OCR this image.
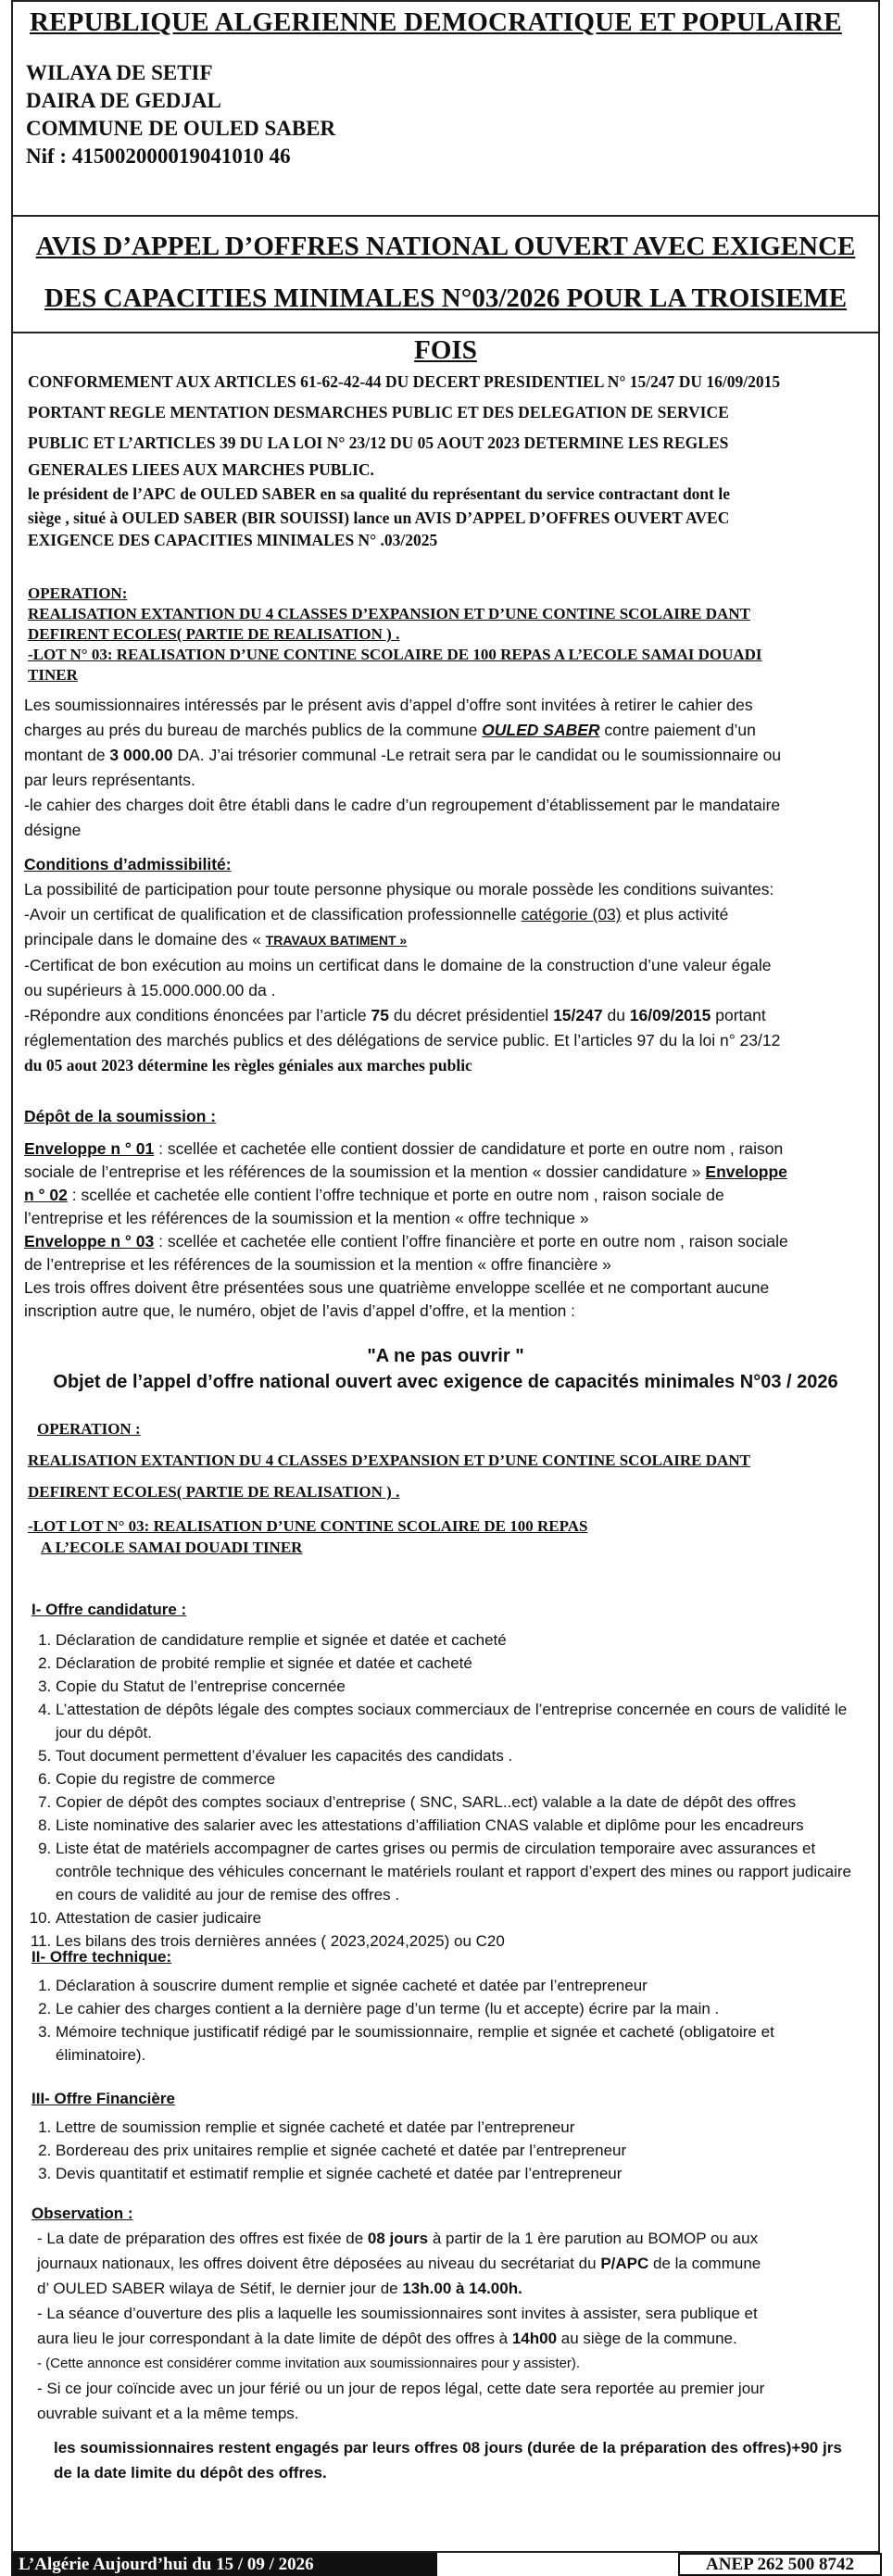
REPUBLIQUE ALGERIENNE DEMOCRATIQUE ET POPULAIRE
WILAYA DE SETIF
DAIRA DE GEDJAL
COMMUNE DE OULED SABER
Nif : 415002000019041010 46
AVIS D’APPEL D’OFFRES NATIONAL OUVERT AVEC EXIGENCE
DES CAPACITIES MINIMALES N°03/2026 POUR LA TROISIEME FOIS
CONFORMEMENT AUX ARTICLES 61-62-42-44 DU DECERT PRESIDENTIEL N° 15/247 DU 16/09/2015
PORTANT REGLE MENTATION DESMARCHES PUBLIC ET DES DELEGATION DE SERVICE
PUBLIC ET L’ARTICLES 39 DU LA LOI N° 23/12 DU 05 AOUT 2023 DETERMINE LES REGLES
GENERALES LIEES AUX MARCHES PUBLIC.
le président de l’APC de OULED SABER en sa qualité du représentant du service contractant dont le
siège , situé à OULED SABER (BIR SOUISSI) lance un AVIS D’APPEL D’OFFRES OUVERT AVEC
EXIGENCE DES CAPACITIES MINIMALES N° .03/2025
OPERATION:
REALISATION EXTANTION DU 4 CLASSES D’EXPANSION ET D’UNE CONTINE SCOLAIRE DANT
DEFIRENT ECOLES( PARTIE DE REALISATION ) .
-LOT N° 03: REALISATION D’UNE CONTINE SCOLAIRE DE 100 REPAS A L’ECOLE SAMAI DOUADI
TINER
Les soumissionnaires intéressés par le présent avis d’appel d’offre sont invitées à retirer le cahier des
charges au prés du bureau de marchés publics de la commune OULED SABER contre paiement d’un
montant de 3 000.00 DA. J’ai trésorier communal -Le retrait sera par le candidat ou le soumissionnaire ou
par leurs représentants.
-le cahier des charges doit être établi dans le cadre d’un regroupement d’établissement par le mandataire
désigne
Conditions d’admissibilité:
La possibilité de participation pour toute personne physique ou morale possède les conditions suivantes:
-Avoir un certificat de qualification et de classification professionnelle catégorie (03) et plus activité
principale dans le domaine des « TRAVAUX BATIMENT »
-Certificat de bon exécution au moins un certificat dans le domaine de la construction d’une valeur égale
ou supérieurs à 15.000.000.00 da .
-Répondre aux conditions énoncées par l’article 75 du décret présidentiel 15/247 du 16/09/2015 portant
réglementation des marchés publics et des délégations de service public. Et l’articles 97 du la loi n° 23/12
du 05 aout 2023 détermine les règles géniales aux marches public
Dépôt de la soumission :
Enveloppe n ° 01 : scellée et cachetée elle contient dossier de candidature et porte en outre nom , raison
sociale de l’entreprise et les références de la soumission et la mention « dossier candidature » Enveloppe
n ° 02 : scellée et cachetée elle contient l’offre technique et porte en outre nom , raison sociale de
l’entreprise et les références de la soumission et la mention « offre technique »
Enveloppe n ° 03 : scellée et cachetée elle contient l’offre financière et porte en outre nom , raison sociale
de l’entreprise et les références de la soumission et la mention « offre financière »
Les trois offres doivent être présentées sous une quatrième enveloppe scellée et ne comportant aucune
inscription autre que, le numéro, objet de l’avis d’appel d’offre, et la mention :
"A ne pas ouvrir "
Objet de l’appel d’offre national ouvert avec exigence de capacités minimales N°03 / 2026
OPERATION :
REALISATION EXTANTION DU 4 CLASSES D’EXPANSION ET D’UNE CONTINE SCOLAIRE DANT
DEFIRENT ECOLES( PARTIE DE REALISATION ) .
-LOT LOT N° 03: REALISATION D’UNE CONTINE SCOLAIRE DE 100 REPAS
A L’ECOLE SAMAI DOUADI TINER
I- Offre candidature :
1. Déclaration de candidature remplie et signée et datée et cacheté
2. Déclaration de probité remplie et signée et datée et cacheté
3. Copie du Statut de l’entreprise concernée
4. L’attestation de dépôts légale des comptes sociaux commerciaux de l’entreprise concernée en cours de validité le jour du dépôt.
5. Tout document permettent d’évaluer les capacités des candidats .
6. Copie du registre de commerce
7. Copier de dépôt des comptes sociaux d’entreprise ( SNC, SARL..ect) valable a la date de dépôt des offres
8. Liste nominative des salarier avec les attestations d’affiliation CNAS valable et diplôme pour les encadreurs
9. Liste état de matériels accompagner de cartes grises ou permis de circulation temporaire avec assurances et contrôle technique des véhicules concernant le matériels roulant et rapport d’expert des mines ou rapport judicaire en cours de validité au jour de remise des offres .
10. Attestation de casier judicaire
11. Les bilans des trois dernières années ( 2023,2024,2025) ou C20
II- Offre technique:
1. Déclaration à souscrire dument remplie et signée cacheté et datée par l’entrepreneur
2. Le cahier des charges contient a la dernière page d’un terme (lu et accepte) écrire par la main .
3. Mémoire technique justificatif rédigé par le soumissionnaire, remplie et signée et cacheté (obligatoire et éliminatoire).
III- Offre Financière
1. Lettre de soumission remplie et signée cacheté et datée par l’entrepreneur
2. Bordereau des prix unitaires remplie et signée cacheté et datée par l’entrepreneur
3. Devis quantitatif et estimatif remplie et signée cacheté et datée par l’entrepreneur
Observation :
- La date de préparation des offres est fixée de 08 jours à partir de la 1 ère parution au BOMOP ou aux
journaux nationaux, les offres doivent être déposées au niveau du secrétariat du P/APC de la commune
d’ OULED SABER wilaya de Sétif, le dernier jour de 13h.00 à 14.00h.
- La séance d’ouverture des plis a laquelle les soumissionnaires sont invites à assister, sera publique et
aura lieu le jour correspondant à la date limite de dépôt des offres à 14h00 au siège de la commune.
- (Cette annonce est considérer comme invitation aux soumissionnaires pour y assister).
- Si ce jour coïncide avec un jour férié ou un jour de repos légal, cette date sera reportée au premier jour
ouvrable suivant et a la même temps.
les soumissionnaires restent engagés par leurs offres 08 jours (durée de la préparation des offres)+90 jrs
de la date limite du dépôt des offres.
L’Algérie Aujourd’hui du 15 / 09 / 2026	ANEP 262 500 8742
